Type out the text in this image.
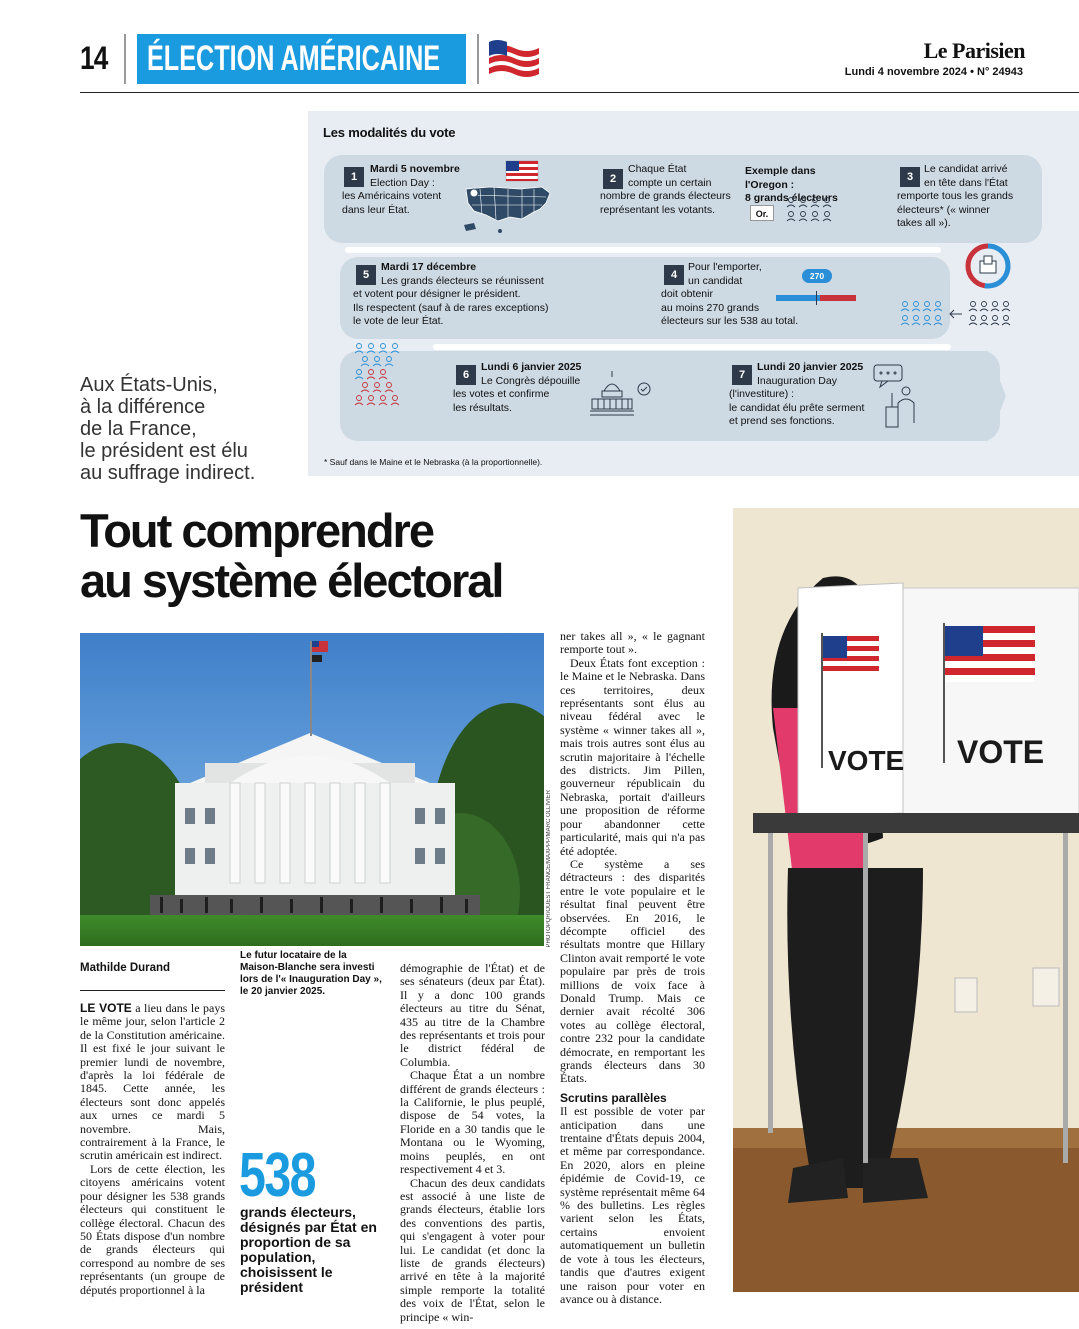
14 ÉLECTION AMÉRICAINE	Le Parisien
Lundi 4 novembre 2024 • N° 24943
Les modalités du vote
1
Mardi 5 novembre
Election Day :
les Américains votent
dans leur État.
2
Chaque État
compte un certain
nombre de grands électeurs
représentant les votants.
Exemple dans l'Oregon :
8 grands électeurs
Or.
3
Le candidat arrivé
en tête dans l'État
remporte tous les grands
électeurs* (« winner
takes all »).
4
Pour l'emporter,
un candidat
doit obtenir
au moins 270 grands
électeurs sur les 538 au total.
270
5
Mardi 17 décembre
Les grands électeurs se réunissent
et votent pour désigner le président.
Ils respectent (sauf à de rares exceptions)
le vote de leur État.
6
Lundi 6 janvier 2025
Le Congrès dépouille
les votes et confirme
les résultats.
7
Lundi 20 janvier 2025
Inauguration Day
(l'investiture) :
le candidat élu prête serment
et prend ses fonctions.
* Sauf dans le Maine et le Nebraska (à la proportionnelle).
Aux États-Unis,
à la différence
de la France,
le président est élu
au suffrage indirect.
Tout comprendre
au système électoral
PHOTOPQR/OUEST FRANCE/MAXPPP/MARC OLLIVIER
VOTE VOTE
Mathilde Durand
Le futur locataire de la Maison-Blanche sera investi lors de l'« Inauguration Day », le 20 janvier 2025.

LE VOTE a lieu dans le pays le même jour, selon l'article 2 de la Constitution américaine. Il est fixé le jour suivant le premier lundi de novembre, d'après la loi fédérale de 1845. Cette année, les électeurs sont donc appelés aux urnes ce mardi 5 novembre. Mais, contrairement à la France, le scrutin américain est indirect.

Lors de cette élection, les citoyens américains votent pour désigner les 538 grands électeurs qui constituent le collège électoral. Chacun des 50 États dispose d'un nombre de grands électeurs qui correspond au nombre de ses représentants (un groupe de députés proportionnel à la

538
grands électeurs, désignés par État en proportion de sa population, choisissent le président

démographie de l'État) et de ses sénateurs (deux par État). Il y a donc 100 grands électeurs au titre du Sénat, 435 au titre de la Chambre des représentants et trois pour le district fédéral de Columbia.

Chaque État a un nombre différent de grands électeurs : la Californie, le plus peuplé, dispose de 54 votes, la Floride en a 30 tandis que le Montana ou le Wyoming, moins peuplés, en ont respectivement 4 et 3.

Chacun des deux candidats est associé à une liste de grands électeurs, établie lors des conventions des partis, qui s'engagent à voter pour lui. Le candidat (et donc la liste de grands électeurs) arrivé en tête à la majorité simple remporte la totalité des voix de l'État, selon le principe « win-

ner takes all », « le gagnant remporte tout ».

Deux États font exception : le Maine et le Nebraska. Dans ces territoires, deux représentants sont élus au niveau fédéral avec le système « winner takes all », mais trois autres sont élus au scrutin majoritaire à l'échelle des districts. Jim Pillen, gouverneur républicain du Nebraska, portait d'ailleurs une proposition de réforme pour abandonner cette particularité, mais qui n'a pas été adoptée.

Ce système a ses détracteurs : des disparités entre le vote populaire et le résultat final peuvent être observées. En 2016, le décompte officiel des résultats montre que Hillary Clinton avait remporté le vote populaire par près de trois millions de voix face à Donald Trump. Mais ce dernier avait récolté 306 votes au collège électoral, contre 232 pour la candidate démocrate, en remportant les grands électeurs dans 30 États.

Scrutins parallèles

Il est possible de voter par anticipation dans une trentaine d'États depuis 2004, et même par correspondance. En 2020, alors en pleine épidémie de Covid-19, ce système représentait même 64 % des bulletins. Les règles varient selon les États, certains envoient automatiquement un bulletin de vote à tous les électeurs, tandis que d'autres exigent une raison pour voter en avance ou à distance.
